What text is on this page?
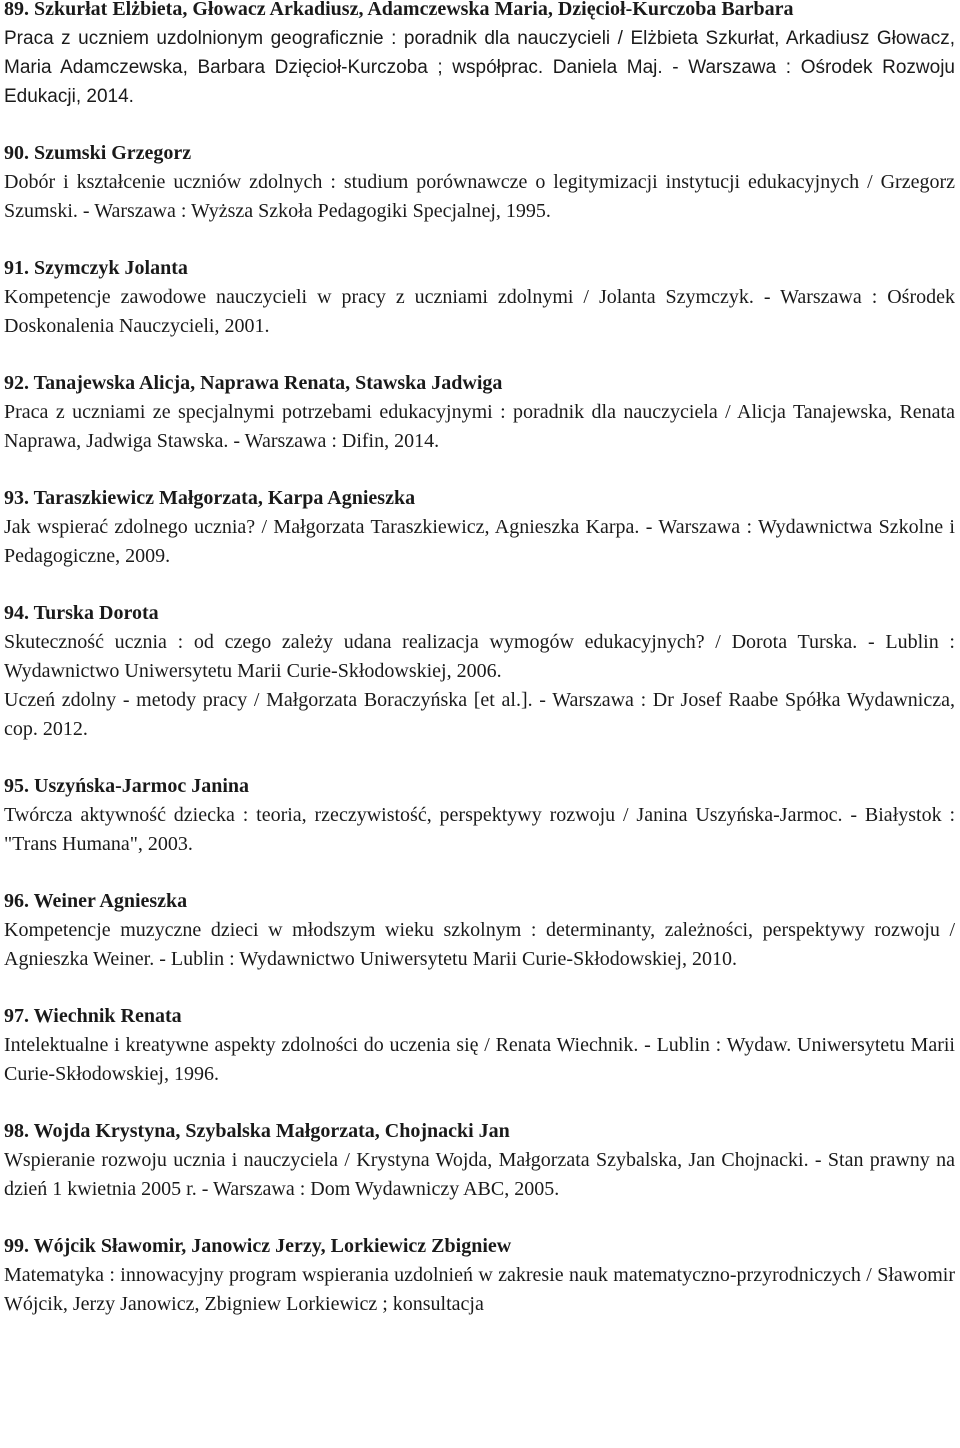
89. Szkurłat Elżbieta, Głowacz Arkadiusz, Adamczewska Maria, Dzięcioł-Kurczoba Barbara
Praca z uczniem uzdolnionym geograficznie : poradnik dla nauczycieli / Elżbieta Szkurłat, Arkadiusz Głowacz, Maria Adamczewska, Barbara Dzięcioł-Kurczoba ; współprac. Daniela Maj. - Warszawa : Ośrodek Rozwoju Edukacji, 2014.
90. Szumski Grzegorz
Dobór i kształcenie uczniów zdolnych : studium porównawcze o legitymizacji instytucji edukacyjnych / Grzegorz Szumski. - Warszawa : Wyższa Szkoła Pedagogiki Specjalnej, 1995.
91. Szymczyk Jolanta
Kompetencje zawodowe nauczycieli w pracy z uczniami zdolnymi / Jolanta Szymczyk. - Warszawa : Ośrodek Doskonalenia Nauczycieli, 2001.
92. Tanajewska Alicja, Naprawa Renata, Stawska Jadwiga
Praca z uczniami ze specjalnymi potrzebami edukacyjnymi : poradnik dla nauczyciela / Alicja Tanajewska, Renata Naprawa, Jadwiga Stawska. - Warszawa : Difin, 2014.
93. Taraszkiewicz Małgorzata, Karpa Agnieszka
Jak wspierać zdolnego ucznia? / Małgorzata Taraszkiewicz, Agnieszka Karpa. - Warszawa : Wydawnictwa Szkolne i Pedagogiczne, 2009.
94. Turska Dorota
Skuteczność ucznia : od czego zależy udana realizacja wymogów edukacyjnych? / Dorota Turska. - Lublin : Wydawnictwo Uniwersytetu Marii Curie-Skłodowskiej, 2006.
Uczeń zdolny - metody pracy / Małgorzata Boraczyńska [et al.]. - Warszawa : Dr Josef Raabe Spółka Wydawnicza, cop. 2012.
95. Uszyńska-Jarmoc Janina
Twórcza aktywność dziecka : teoria, rzeczywistość, perspektywy rozwoju / Janina Uszyńska-Jarmoc. - Białystok : "Trans Humana", 2003.
96. Weiner Agnieszka
Kompetencje muzyczne dzieci w młodszym wieku szkolnym : determinanty, zależności, perspektywy rozwoju / Agnieszka Weiner. - Lublin : Wydawnictwo Uniwersytetu Marii Curie-Skłodowskiej, 2010.
97. Wiechnik Renata
Intelektualne i kreatywne aspekty zdolności do uczenia się / Renata Wiechnik. - Lublin : Wydaw. Uniwersytetu Marii Curie-Skłodowskiej, 1996.
98. Wojda Krystyna, Szybalska Małgorzata, Chojnacki Jan
Wspieranie rozwoju ucznia i nauczyciela / Krystyna Wojda, Małgorzata Szybalska, Jan Chojnacki. - Stan prawny na dzień 1 kwietnia 2005 r. - Warszawa : Dom Wydawniczy ABC, 2005.
99. Wójcik Sławomir, Janowicz Jerzy, Lorkiewicz Zbigniew
Matematyka : innowacyjny program wspierania uzdolnień w zakresie nauk matematyczno-przyrodniczych / Sławomir Wójcik, Jerzy Janowicz, Zbigniew Lorkiewicz ; konsultacja
